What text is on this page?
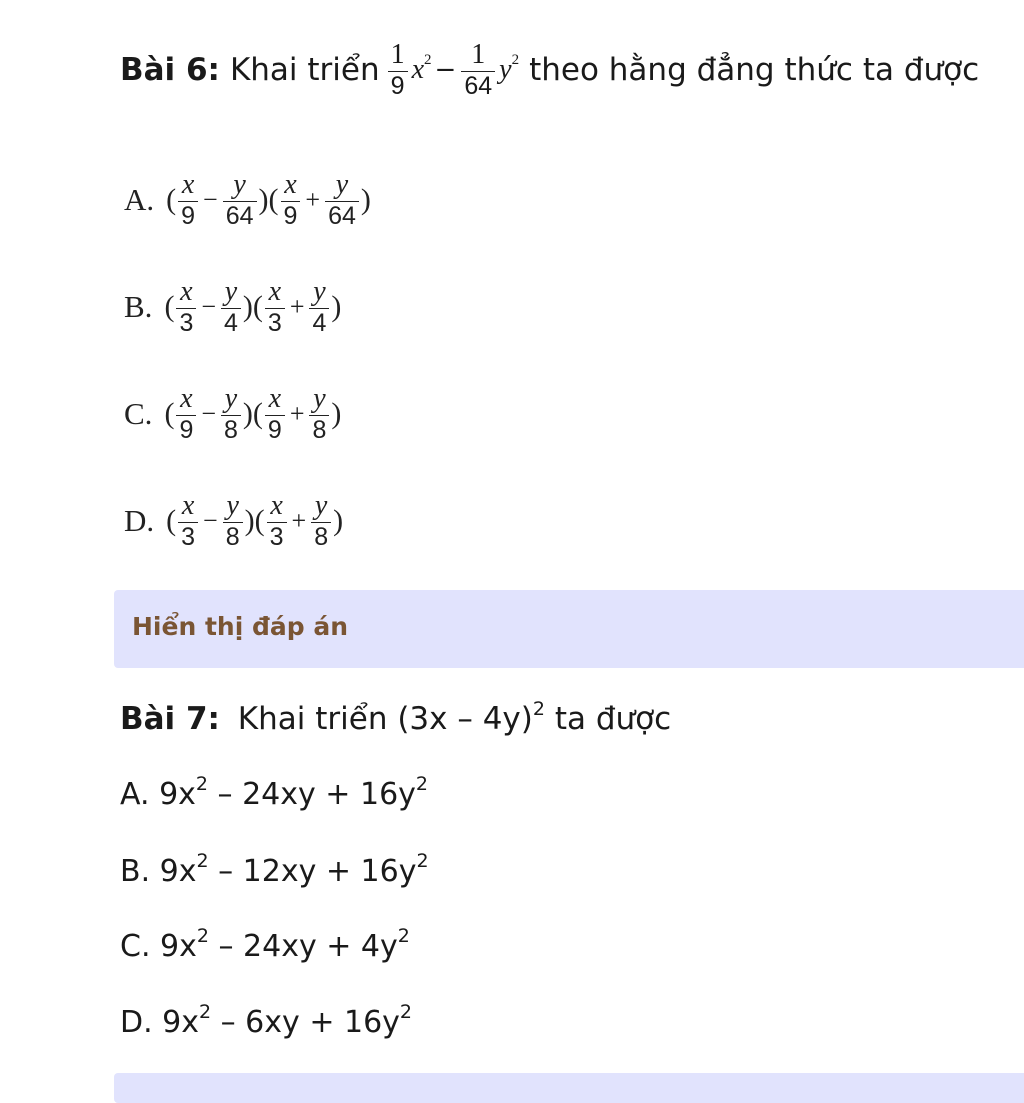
Bài 6: Khai triển $\frac{1}{9} x^2 - \frac{1}{64} y^2$ theo hằng đẳng thức ta được
A. ( $\frac{x}{9} - \frac{y}{64}$ )( $\frac{x}{9} + \frac{y}{64}$ )
B. ( $\frac{x}{3} - \frac{y}{4}$ )( $\frac{x}{3} + \frac{y}{4}$ )
C. ( $\frac{x}{9} - \frac{y}{8}$ )( $\frac{x}{9} + \frac{y}{8}$ )
D. ( $\frac{x}{3} - \frac{y}{8}$ )( $\frac{x}{3} + \frac{y}{8}$ )
Hiển thị đáp án
Bài 7: Khai triển (3x – 4y)$^2$ ta được
A. $9x^2 - 24xy + 16y^2$
B. $9x^2 - 12xy + 16y^2$
C. $9x^2 - 24xy + 4y^2$
D. $9x^2 - 6xy + 16y^2$
